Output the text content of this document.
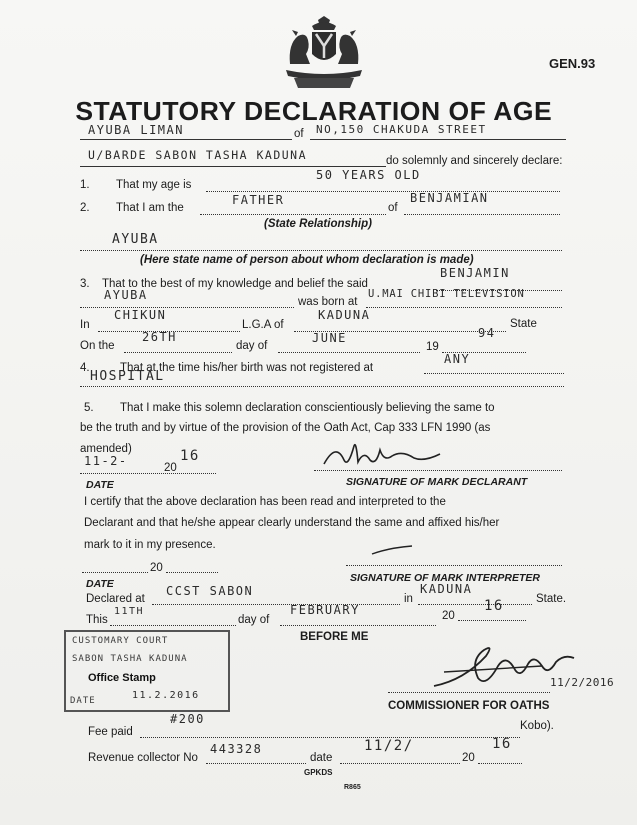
GEN.93
STATUTORY DECLARATION OF AGE
AYUBA LIMAN	of NO,150 CHAKUDA STREET
U/BARDE SABON TASHA KADUNA	do solemnly and sincerely declare:
1. That my age is
50 YEARS OLD
2. That I am the
FATHER
of
BENJAMIAN
(State Relationship)
AYUBA
(Here state name of person about whom declaration is made)
3. That to the best of my knowledge and belief the said
BENJAMIN
AYUBA	was born at
U.MAI CHIBI TELEVISION
In
CHIKUN
L.G.A of
KADUNA
State
On the
26TH
day of
JUNE
19
94
4.	That at the time his/her birth was not registered at
ANY
HOSPITAL
5. That I make this solemn declaration conscientiously believing the same to
be the truth and by virtue of the provision of the Oath Act, Cap 333 LFN 1990 (as
amended)
11-2-	20
16
DATE	SIGNATURE OF MARK DECLARANT
I certify that the above declaration has been read and interpreted to the
Declarant and that he/she appear clearly understand the same and affixed his/her
mark to it in my presence.
20
DATE	SIGNATURE OF MARK INTERPRETER
Declared at
CCST SABON
in
KADUNA
State.
This
11TH
day of
FEBRUARY	20
16
BEFORE ME
CUSTOMARY COURT
SABON TASHA KADUNA
Office Stamp
DATE	11.2.2016
11/2/2016
COMMISSIONER FOR OATHS
Fee paid
#200	Kobo).
Revenue collector No
443328
date
11/2/
20
16
GPKDS
R865
